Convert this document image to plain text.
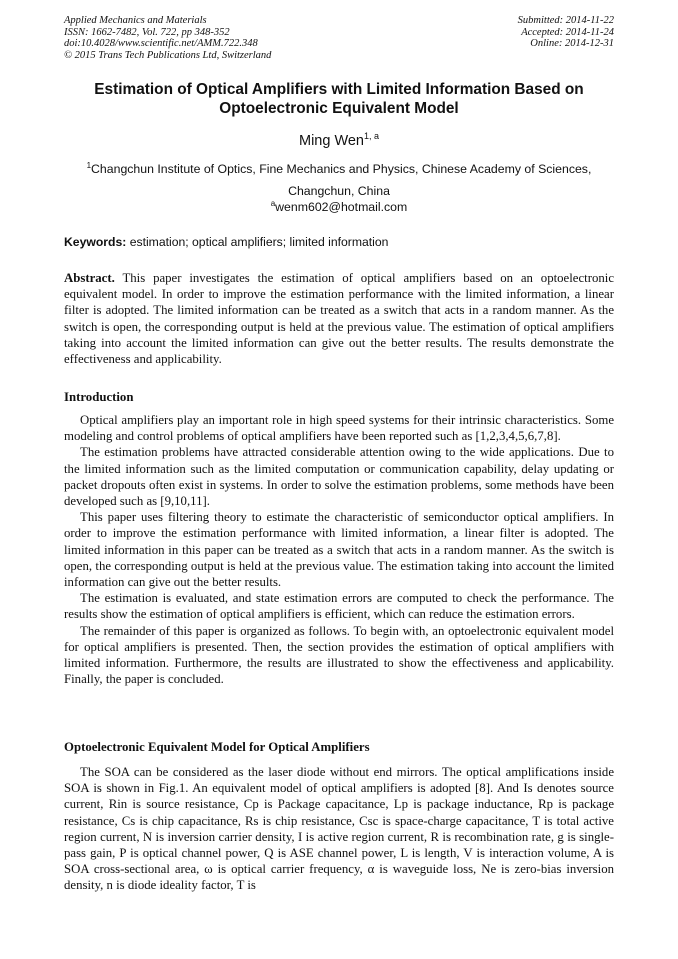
Applied Mechanics and Materials
ISSN: 1662-7482, Vol. 722, pp 348-352
doi:10.4028/www.scientific.net/AMM.722.348
© 2015 Trans Tech Publications Ltd, Switzerland
Submitted: 2014-11-22
Accepted: 2014-11-24
Online: 2014-12-31
Estimation of Optical Amplifiers with Limited Information Based on Optoelectronic Equivalent Model
Ming Wen$^{1, a}$
$^1$Changchun Institute of Optics, Fine Mechanics and Physics, Chinese Academy of Sciences, Changchun, China
$^a$wenm602@hotmail.com
Keywords: estimation; optical amplifiers; limited information
Abstract. This paper investigates the estimation of optical amplifiers based on an optoelectronic equivalent model. In order to improve the estimation performance with the limited information, a linear filter is adopted. The limited information can be treated as a switch that acts in a random manner. As the switch is open, the corresponding output is held at the previous value. The estimation of optical amplifiers taking into account the limited information can give out the better results. The results demonstrate the effectiveness and applicability.
Introduction

Optical amplifiers play an important role in high speed systems for their intrinsic characteristics. Some modeling and control problems of optical amplifiers have been reported such as [1,2,3,4,5,6,7,8].

The estimation problems have attracted considerable attention owing to the wide applications. Due to the limited information such as the limited computation or communication capability, delay updating or packet dropouts often exist in systems. In order to solve the estimation problems, some methods have been developed such as [9,10,11].

This paper uses filtering theory to estimate the characteristic of semiconductor optical amplifiers. In order to improve the estimation performance with limited information, a linear filter is adopted. The limited information in this paper can be treated as a switch that acts in a random manner. As the switch is open, the corresponding output is held at the previous value. The estimation taking into account the limited information can give out the better results.

The estimation is evaluated, and state estimation errors are computed to check the performance. The results show the estimation of optical amplifiers is efficient, which can reduce the estimation errors.

The remainder of this paper is organized as follows. To begin with, an optoelectronic equivalent model for optical amplifiers is presented. Then, the section provides the estimation of optical amplifiers with limited information. Furthermore, the results are illustrated to show the effectiveness and applicability. Finally, the paper is concluded.

Optoelectronic Equivalent Model for Optical Amplifiers

The SOA can be considered as the laser diode without end mirrors. The optical amplifications inside SOA is shown in Fig.1. An equivalent model of optical amplifiers is adopted [8]. And Is denotes source current, Rin is source resistance, Cp is Package capacitance, Lp is package inductance, Rp is package resistance, Cs is chip capacitance, Rs is chip resistance, Csc is space-charge capacitance, T is total active region current, N is inversion carrier density, I is active region current, R is recombination rate, g is single-pass gain, P is optical channel power, Q is ASE channel power, L is length, V is interaction volume, A is SOA cross-sectional area, ω is optical carrier frequency, α is waveguide loss, Ne is zero-bias inversion density, n is diode ideality factor, T is
